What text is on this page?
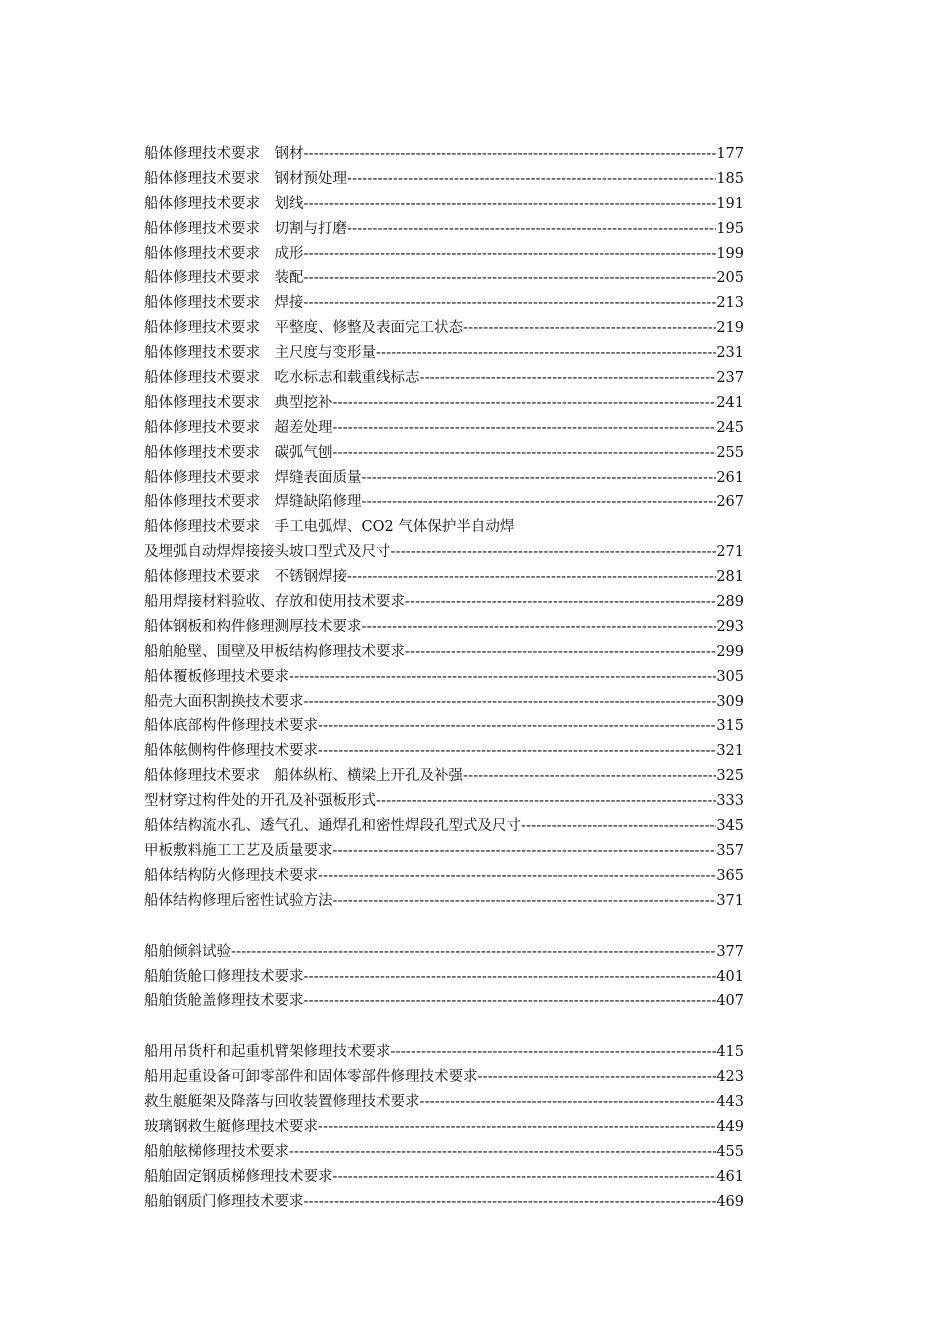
船体修理技术要求　钢材 -----	177
船体修理技术要求　钢材预处理 -----	185
船体修理技术要求　划线 -----	191
船体修理技术要求　切割与打磨 -----	195
船体修理技术要求　成形 -----	199
船体修理技术要求　装配 -----	205
船体修理技术要求　焊接 -----	213
船体修理技术要求　平整度、修整及表面完工状态 -----	219
船体修理技术要求　主尺度与变形量 -----	231
船体修理技术要求　吃水标志和载重线标志 -----	237
船体修理技术要求　典型挖补 -----	241
船体修理技术要求　超差处理 -----	245
船体修理技术要求　碳弧气刨 -----	255
船体修理技术要求　焊缝表面质量 -----	261
船体修理技术要求　焊缝缺陷修理 -----	267
船体修理技术要求　手工电弧焊、CO2 气体保护半自动焊
及埋弧自动焊焊接接头坡口型式及尺寸 -----	271
船体修理技术要求　不锈钢焊接 -----	281
船用焊接材料验收、存放和使用技术要求 -----	289
船体钢板和构件修理测厚技术要求 -----	293
船舶舱壁、围壁及甲板结构修理技术要求 -----	299
船体覆板修理技术要求 -----	305
船壳大面积割换技术要求 -----	309
船体底部构件修理技术要求 -----	315
船体舷侧构件修理技术要求 -----	321
船体修理技术要求　船体纵桁、横梁上开孔及补强 -----	325
型材穿过构件处的开孔及补强板形式 -----	333
船体结构流水孔、透气孔、通焊孔和密性焊段孔型式及尺寸 -----	345
甲板敷料施工工艺及质量要求 -----	357
船体结构防火修理技术要求 -----	365
船体结构修理后密性试验方法 -----	371
船舶倾斜试验 -----	377
船舶货舱口修理技术要求 -----	401
船舶货舱盖修理技术要求 -----	407
船用吊货杆和起重机臂架修理技术要求 -----	415
船用起重设备可卸零部件和固体零部件修理技术要求 -----	423
救生艇艇架及降落与回收装置修理技术要求 -----	443
玻璃钢救生艇修理技术要求 -----	449
船舶舷梯修理技术要求 -----	455
船舶固定钢质梯修理技术要求 -----	461
船舶钢质门修理技术要求 -----	469
